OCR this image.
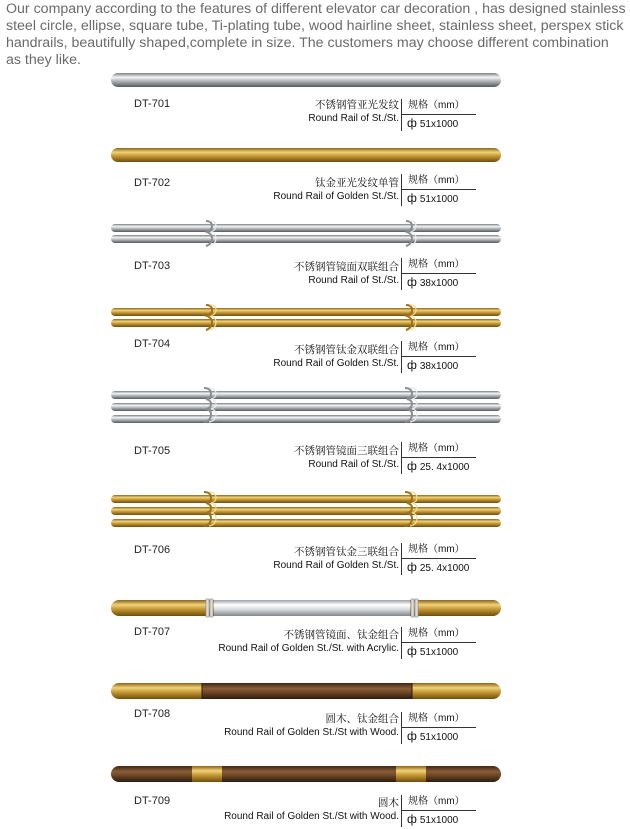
Our company according to the features of different elevator car decoration , has designed stainless steel circle, ellipse, square tube, Ti-plating tube, wood hairline sheet, stainless sheet, perspex stick handrails, beautifully shaped,complete in size. The customers may choose different combination as they like.

DT-701	不锈钢管亚光发纹
Round Rail of St./St.
规格（mm）
ф 51x1000
DT-702	钛金亚光发纹单管
Round Rail of Golden St./St.
规格（mm）
ф 51x1000
DT-703	不锈钢管镜面双联组合
Round Rail of St./St.
规格（mm）
ф 38x1000
DT-704	不锈钢管钛金双联组合
Round Rail of Golden St./St.
规格（mm）
ф 38x1000
DT-705	不锈钢管镜面三联组合
Round Rail of St./St.
规格（mm）
ф 25. 4x1000
DT-706	不锈钢管钛金三联组合
Round Rail of Golden St./St.
规格（mm）
ф 25. 4x1000
DT-707	不锈钢管镜面、钛金组合
Round Rail of Golden St./St. with Acrylic.
规格（mm）
ф 51x1000
DT-708	圆木、钛金组合
Round Rail of Golden St./St with Wood.
规格（mm）
ф 51x1000
DT-709	圆木
Round Rail of Golden St./St with Wood.
规格（mm）
ф 51x1000
